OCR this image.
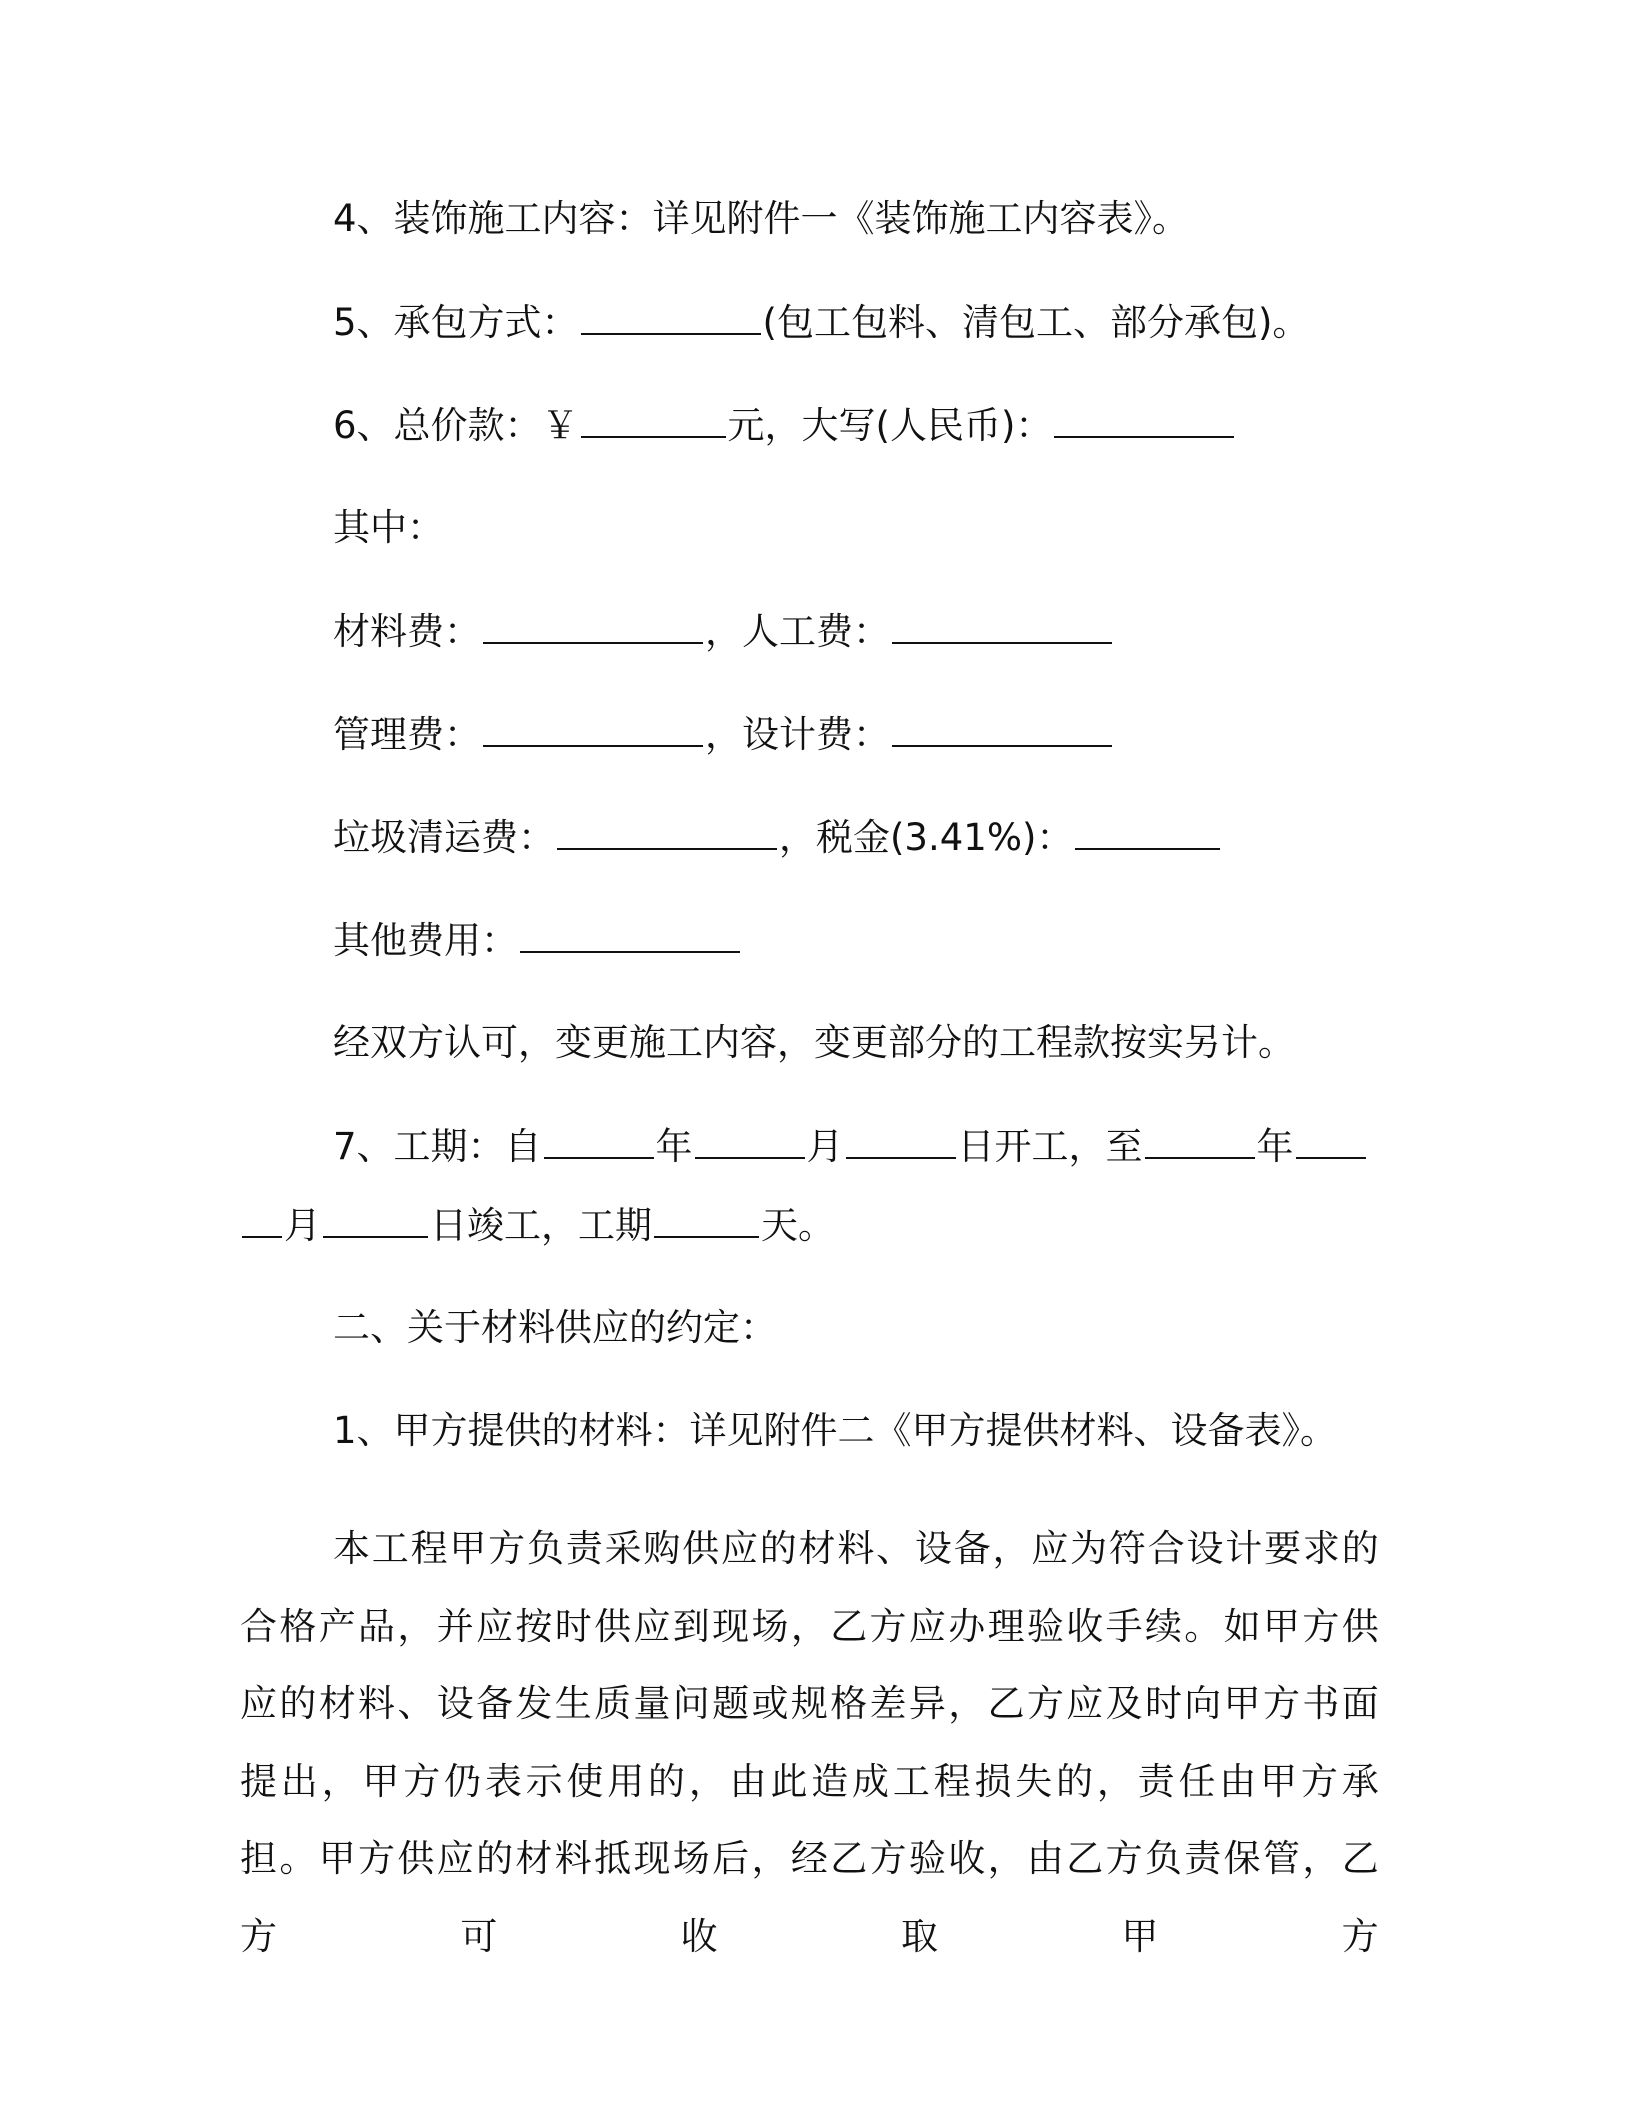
4、装饰施工内容：详见附件一《装饰施工内容表》。
5、承包方式：	(包工包料、清包工、部分承包)。
6、总价款：￥	元，大写(人民币)：
其中：
材料费：	，人工费：
管理费：	，设计费：
垃圾清运费：	，税金(3.41%)：
其他费用：
经双方认可，变更施工内容，变更部分的工程款按实另计。
7、工期：自	年	月	日开工，至	年
月	日竣工，工期	天。
二、关于材料供应的约定：
1、甲方提供的材料：详见附件二《甲方提供材料、设备表》。
本工程甲方负责采购供应的材料、设备，应为符合设计要求的合格产品，并应按时供应到现场，乙方应办理验收手续。如甲方供应的材料、设备发生质量问题或规格差异，乙方应及时向甲方书面提出，甲方仍表示使用的，由此造成工程损失的，责任由甲方承担。甲方供应的材料抵现场后，经乙方验收，由乙方负责保管，乙方可收取甲方
